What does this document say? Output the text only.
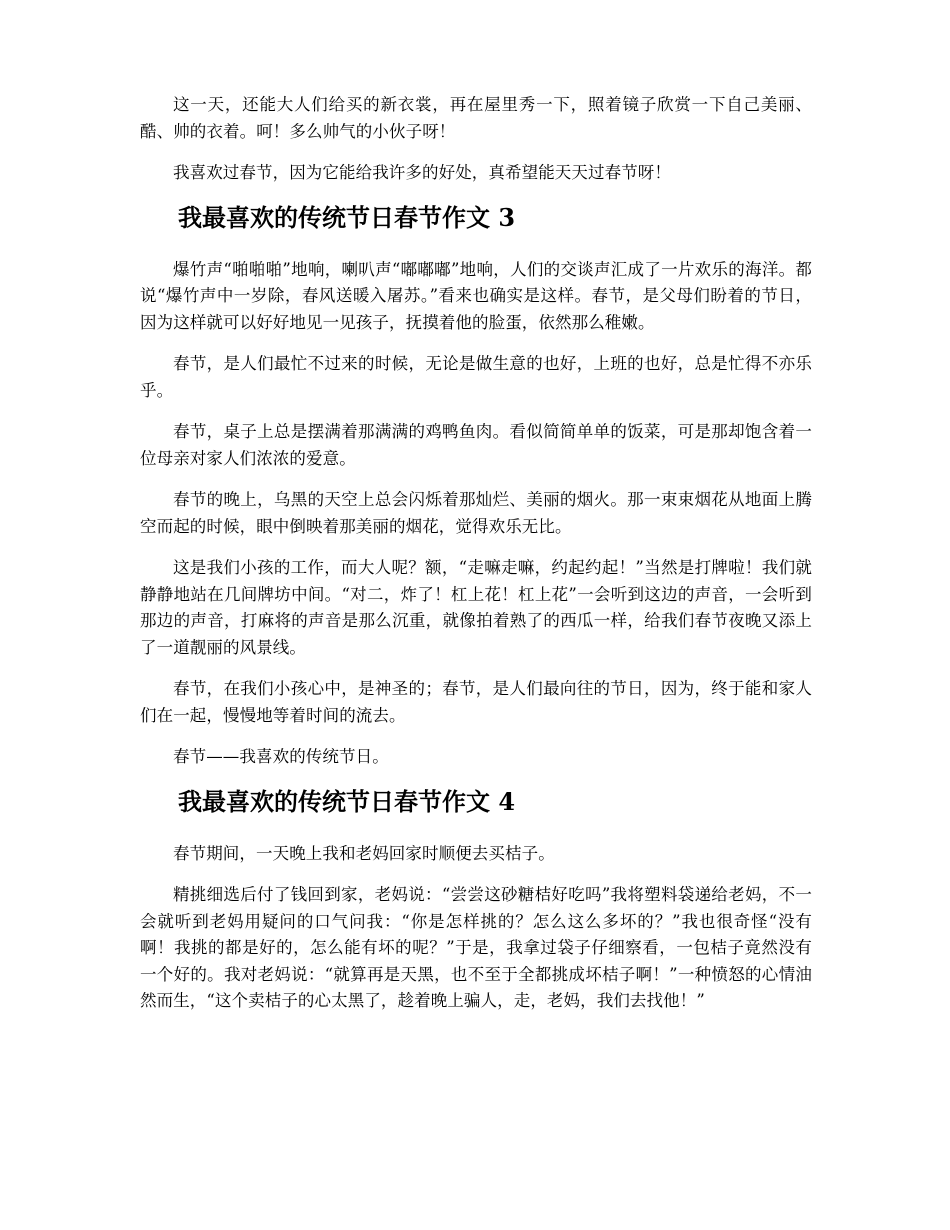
这一天，还能大人们给买的新衣裳，再在屋里秀一下，照着镜子欣赏一下自己美丽、酷、帅的衣着。呵！多么帅气的小伙子呀！

我喜欢过春节，因为它能给我许多的好处，真希望能天天过春节呀！

我最喜欢的传统节日春节作文 3

爆竹声“啪啪啪”地响，喇叭声“嘟嘟嘟”地响，人们的交谈声汇成了一片欢乐的海洋。都说“爆竹声中一岁除，春风送暖入屠苏。”看来也确实是这样。春节，是父母们盼着的节日，因为这样就可以好好地见一见孩子，抚摸着他的脸蛋，依然那么稚嫩。

春节，是人们最忙不过来的时候，无论是做生意的也好，上班的也好，总是忙得不亦乐乎。

春节，桌子上总是摆满着那满满的鸡鸭鱼肉。看似简简单单的饭菜，可是那却饱含着一位母亲对家人们浓浓的爱意。

春节的晚上，乌黑的天空上总会闪烁着那灿烂、美丽的烟火。那一束束烟花从地面上腾空而起的时候，眼中倒映着那美丽的烟花，觉得欢乐无比。

这是我们小孩的工作，而大人呢？额，“走嘛走嘛，约起约起！”当然是打牌啦！我们就静静地站在几间牌坊中间。“对二，炸了！杠上花！杠上花”一会听到这边的声音，一会听到那边的声音，打麻将的声音是那么沉重，就像拍着熟了的西瓜一样，给我们春节夜晚又添上了一道靓丽的风景线。

春节，在我们小孩心中，是神圣的；春节，是人们最向往的节日，因为，终于能和家人们在一起，慢慢地等着时间的流去。

春节——我喜欢的传统节日。

我最喜欢的传统节日春节作文 4

春节期间，一天晚上我和老妈回家时顺便去买桔子。

精挑细选后付了钱回到家，老妈说：“尝尝这砂糖桔好吃吗”我将塑料袋递给老妈，不一会就听到老妈用疑问的口气问我：“你是怎样挑的？怎么这么多坏的？”我也很奇怪“没有啊！我挑的都是好的，怎么能有坏的呢？”于是，我拿过袋子仔细察看，一包桔子竟然没有一个好的。我对老妈说：“就算再是天黑，也不至于全都挑成坏桔子啊！”一种愤怒的心情油然而生，“这个卖桔子的心太黑了，趁着晚上骗人，走，老妈，我们去找他！”
